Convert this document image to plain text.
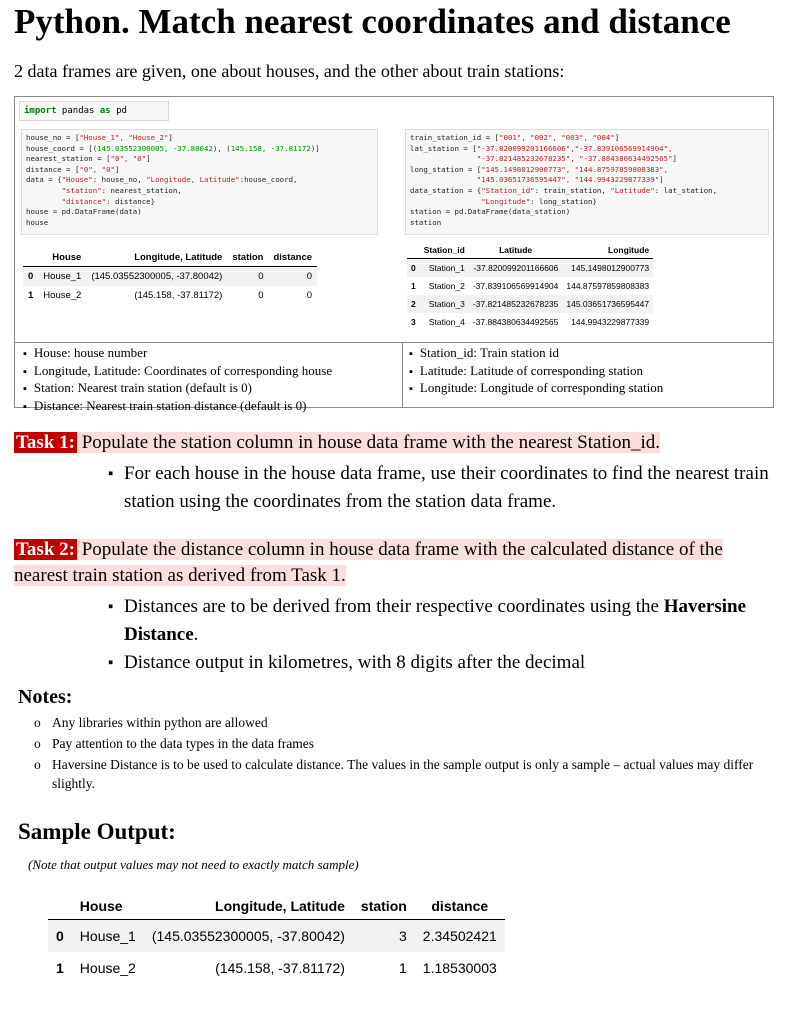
Python. Match nearest coordinates and distance
2 data frames are given, one about houses, and the other about train stations:
import pandas as pd
house_no = ["House_1", "House_2"]
house_coord = [(145.03552300005, -37.80042), (145.158, -37.81172)]
nearest_station = ["0", "0"]
distance = ["0", "0"]
data = {"House": house_no, "Longitude, Latitude":house_coord,
"station": nearest_station,
"distance": distance}
house = pd.DataFrame(data)
house
train_station_id = ["001", "002", "003", "004"]
lat_station = ["-37.820099201166606","-37.839106569914904",
"-37.821485232678235", "-37.884380634492565"]
long_station = ["145.1498012900773", "144.87597859808383",
"145.03651736595447", "144.9943229877339"]
data_station = {"Station_id": train_station, "Latitude": lat_station,
"Longitude": long_station}
station = pd.DataFrame(data_station)
station
	House	Longitude, Latitude	station	distance
0	House_1	(145.03552300005, -37.80042)	0	0
1	House_2	(145.158, -37.81172)	0	0
	Station_id	Latitude	Longitude
0	Station_1	-37.820099201166606	145.1498012900773
1	Station_2	-37.839106569914904	144.87597859808383
2	Station_3	-37.821485232678235	145.03651736595447
3	Station_4	-37.884380634492565	144.9943229877339
▪ House: house number
▪ Longitude, Latitude: Coordinates of corresponding house
▪ Station: Nearest train station (default is 0)
▪ Distance: Nearest train station distance (default is 0)
▪ Station_id: Train station id
▪ Latitude: Latitude of corresponding station
▪ Longitude: Longitude of corresponding station
Task 1: Populate the station column in house data frame with the nearest Station_id.
▪ For each house in the house data frame, use their coordinates to find the nearest train station using the coordinates from the station data frame.
Task 2: Populate the distance column in house data frame with the calculated distance of the
nearest train station as derived from Task 1.
▪ Distances are to be derived from their respective coordinates using the Haversine Distance.
▪ Distance output in kilometres, with 8 digits after the decimal
Notes:
o Any libraries within python are allowed
o Pay attention to the data types in the data frames
o Haversine Distance is to be used to calculate distance. The values in the sample output is only a sample – actual values may differ slightly.
Sample Output:
(Note that output values may not need to exactly match sample)
	House	Longitude, Latitude	station	distance
0	House_1	(145.03552300005, -37.80042)	3	2.34502421
1	House_2	(145.158, -37.81172)	1	1.18530003
